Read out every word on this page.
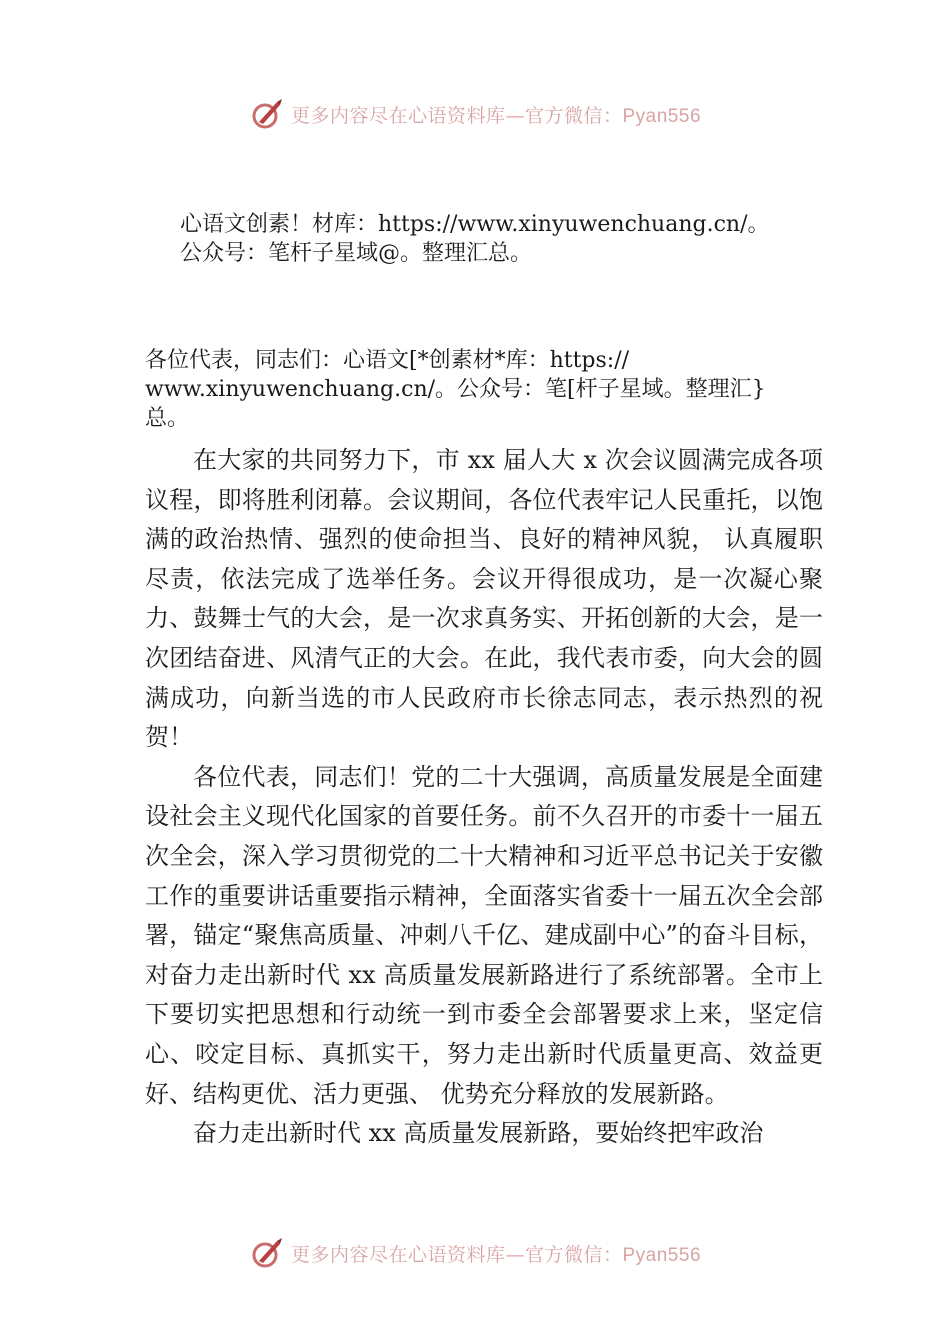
更多内容尽在心语资料库—官方微信：Pyan556
心语文创素！材库：https://www.xinyuwenchuang.cn/。
公众号：笔杆子星域@。整理汇总。
各位代表，同志们：心语文[*创素材*库：https://
www.xinyuwenchuang.cn/。公众号：笔[杆子星域。整理汇}
总。

在大家的共同努力下，市 xx 届人大 x 次会议圆满完成各项议程，即将胜利闭幕。会议期间，各位代表牢记人民重托，以饱满的政治热情、强烈的使命担当、良好的精神风貌， 认真履职尽责，依法完成了选举任务。会议开得很成功，是一次凝心聚力、鼓舞士气的大会，是一次求真务实、开拓创新的大会，是一次团结奋进、风清气正的大会。在此，我代表市委，向大会的圆满成功，向新当选的市人民政府市长徐志同志，表示热烈的祝贺！

各位代表，同志们！党的二十大强调，高质量发展是全面建设社会主义现代化国家的首要任务。前不久召开的市委十一届五次全会，深入学习贯彻党的二十大精神和习近平总书记关于安徽工作的重要讲话重要指示精神，全面落实省委十一届五次全会部署，锚定“聚焦高质量、冲刺八千亿、建成副中心”的奋斗目标，对奋力走出新时代 xx 高质量发展新路进行了系统部署。全市上下要切实把思想和行动统一到市委全会部署要求上来，坚定信心、咬定目标、真抓实干，努力走出新时代质量更高、效益更好、结构更优、活力更强、 优势充分释放的发展新路。

奋力走出新时代 xx 高质量发展新路，要始终把牢政治

更多内容尽在心语资料库—官方微信：Pyan556
